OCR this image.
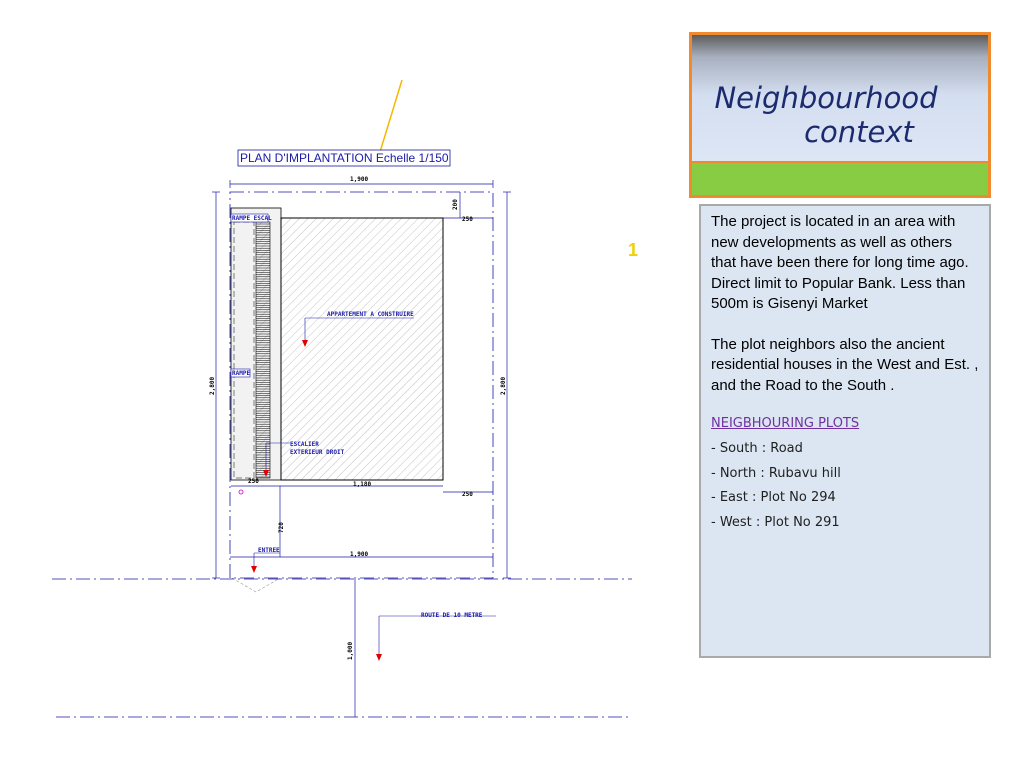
PLAN D'IMPLANTATION Echelle 1/150
1,900
2,800	2,800
200
250
RAMPE ESCAL
RAMPE
APPARTEMENT A CONSTRUIRE
ESCALIER
EXTERIEUR DROIT
250	1,180
250
720
1,900
ENTREE
1,000
ROUTE DE 10 METRE
1
Neighbourhood
context

The project is located in an area with new developments as well as others that have been there for long time ago. Direct limit to Popular Bank. Less than 500m is Gisenyi Market

The plot neighbors also the ancient residential houses in the West and Est. , and the Road to the South .

NEIGBHOURING PLOTS
- South : Road
- North : Rubavu hill
- East : Plot No 294
- West : Plot No 291
